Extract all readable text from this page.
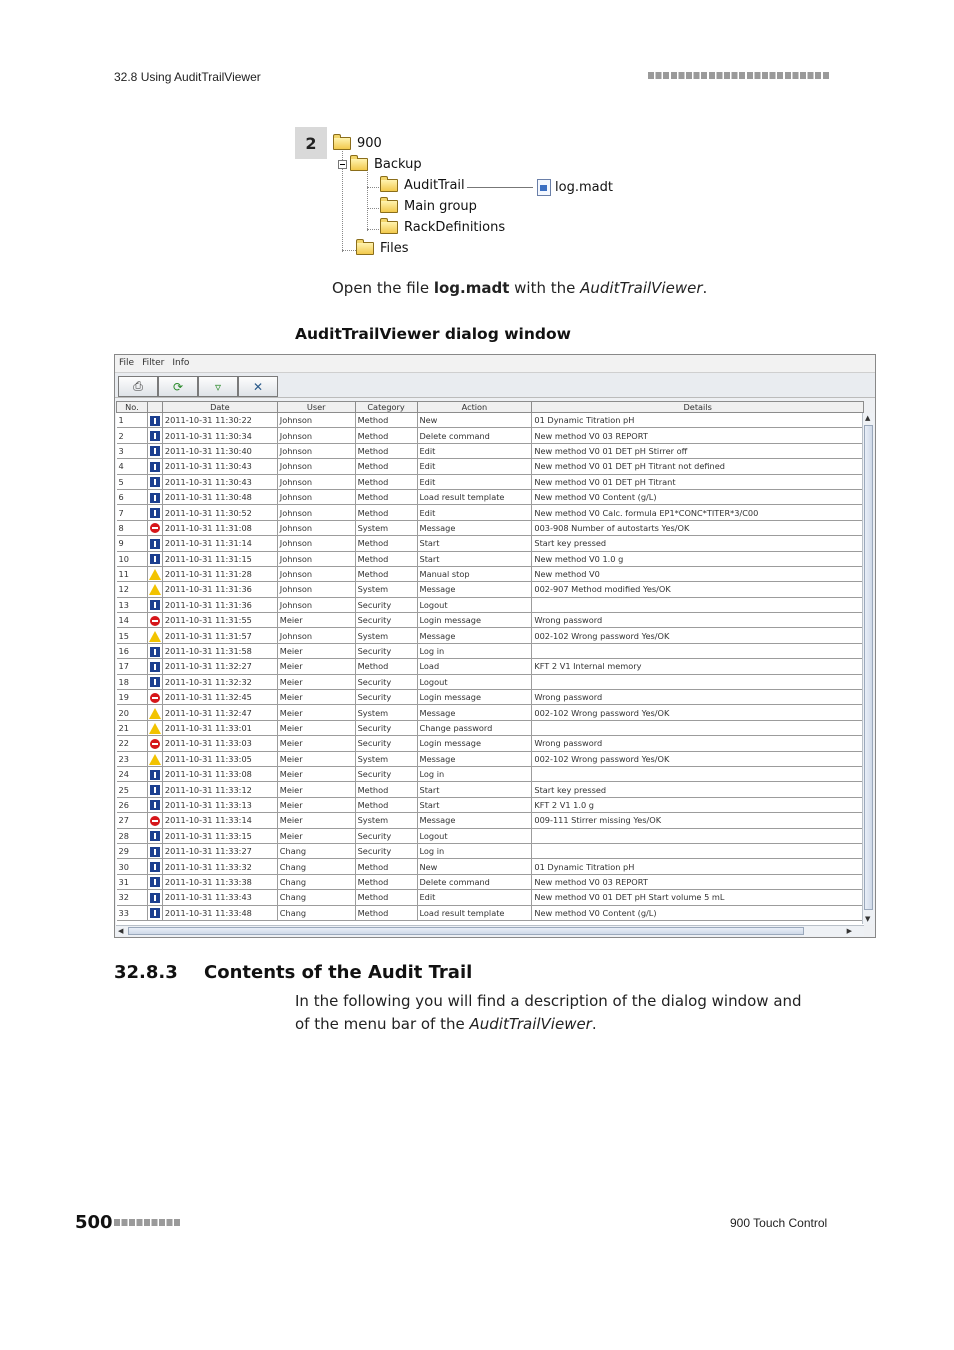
32.8 Using AuditTrailViewer
2	900
Backup
AuditTrail
Main group
RackDefinitions
Files
log.madt
Open the file log.madt with the AuditTrailViewer.
AuditTrailViewer dialog window
File Filter Info
⎙	⟳	▿	✕
No.		Date	User	Category	Action	Details
1		2011-10-31 11:30:22	Johnson	Method	New	01 Dynamic Titration pH
2		2011-10-31 11:30:34	Johnson	Method	Delete command	New method V0 03 REPORT
3		2011-10-31 11:30:40	Johnson	Method	Edit	New method V0 01 DET pH Stirrer off
4		2011-10-31 11:30:43	Johnson	Method	Edit	New method V0 01 DET pH Titrant not defined
5		2011-10-31 11:30:43	Johnson	Method	Edit	New method V0 01 DET pH Titrant
6		2011-10-31 11:30:48	Johnson	Method	Load result template	New method V0 Content (g/L)
7		2011-10-31 11:30:52	Johnson	Method	Edit	New method V0 Calc. formula EP1*CONC*TITER*3/C00
8		2011-10-31 11:31:08	Johnson	System	Message	003-908 Number of autostarts Yes/OK
9		2011-10-31 11:31:14	Johnson	Method	Start	Start key pressed
10		2011-10-31 11:31:15	Johnson	Method	Start	New method V0 1.0 g
11		2011-10-31 11:31:28	Johnson	Method	Manual stop	New method V0
12		2011-10-31 11:31:36	Johnson	System	Message	002-907 Method modified Yes/OK
13		2011-10-31 11:31:36	Johnson	Security	Logout	
14		2011-10-31 11:31:55	Meier	Security	Login message	Wrong password
15		2011-10-31 11:31:57	Johnson	System	Message	002-102 Wrong password Yes/OK
16		2011-10-31 11:31:58	Meier	Security	Log in	
17		2011-10-31 11:32:27	Meier	Method	Load	KFT 2 V1 Internal memory
18		2011-10-31 11:32:32	Meier	Security	Logout	
19		2011-10-31 11:32:45	Meier	Security	Login message	Wrong password
20		2011-10-31 11:32:47	Meier	System	Message	002-102 Wrong password Yes/OK
21		2011-10-31 11:33:01	Meier	Security	Change password	
22		2011-10-31 11:33:03	Meier	Security	Login message	Wrong password
23		2011-10-31 11:33:05	Meier	System	Message	002-102 Wrong password Yes/OK
24		2011-10-31 11:33:08	Meier	Security	Log in	
25		2011-10-31 11:33:12	Meier	Method	Start	Start key pressed
26		2011-10-31 11:33:13	Meier	Method	Start	KFT 2 V1 1.0 g
27		2011-10-31 11:33:14	Meier	System	Message	009-111 Stirrer missing Yes/OK
28		2011-10-31 11:33:15	Meier	Security	Logout	
29		2011-10-31 11:33:27	Chang	Security	Log in	
30		2011-10-31 11:33:32	Chang	Method	New	01 Dynamic Titration pH
31		2011-10-31 11:33:38	Chang	Method	Delete command	New method V0 03 REPORT
32		2011-10-31 11:33:43	Chang	Method	Edit	New method V0 01 DET pH Start volume 5 mL
33		2011-10-31 11:33:48	Chang	Method	Load result template	New method V0 Content (g/L)
▲
▼
◀	▶
32.8.3 Contents of the Audit Trail
In the following you will find a description of the dialog window and of the menu bar of the AuditTrailViewer.
500	900 Touch Control
